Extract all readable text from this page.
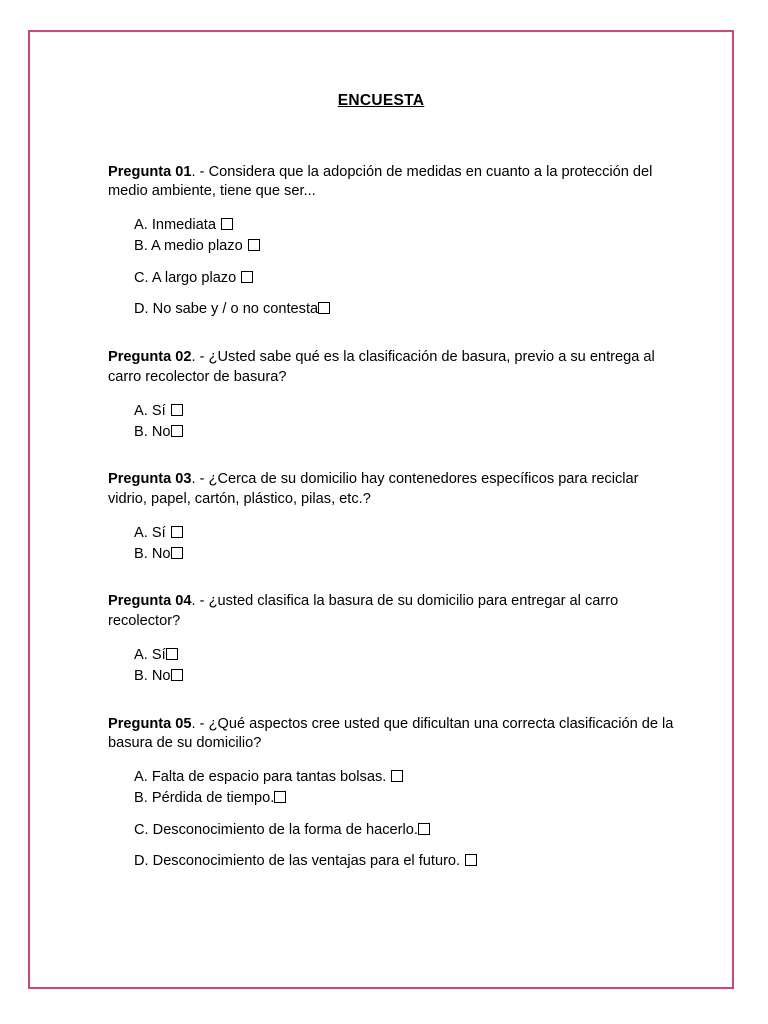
ENCUESTA

Pregunta 01. - Considera que la adopción de medidas en cuanto a la protección del medio ambiente, tiene que ser...

A. Inmediata
B. A medio plazo
C. A largo plazo
D. No sabe y / o no contesta

Pregunta 02. - ¿Usted sabe qué es la clasificación de basura, previo a su entrega al carro recolector de basura?

A. Sí
B. No

Pregunta 03. - ¿Cerca de su domicilio hay contenedores específicos para reciclar vidrio, papel, cartón, plástico, pilas, etc.?

A. Sí
B. No

Pregunta 04. - ¿usted clasifica la basura de su domicilio para entregar al carro recolector?

A. Sí
B. No

Pregunta 05. - ¿Qué aspectos cree usted que dificultan una correcta clasificación de la basura de su domicilio?

A. Falta de espacio para tantas bolsas.
B. Pérdida de tiempo.
C. Desconocimiento de la forma de hacerlo.
D. Desconocimiento de las ventajas para el futuro.
